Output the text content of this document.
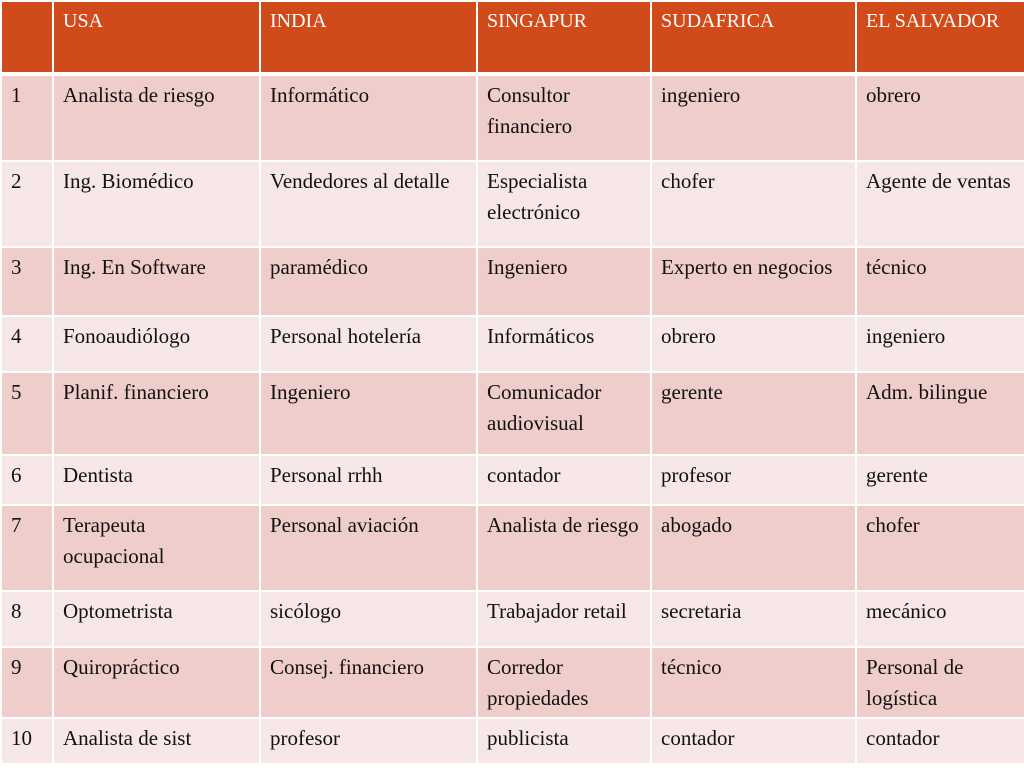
	USA	INDIA	SINGAPUR	SUDAFRICA	EL SALVADOR
1	Analista de riesgo	Informático	Consultor financiero	ingeniero	obrero
2	Ing. Biomédico	Vendedores al detalle	Especialista electrónico	chofer	Agente de ventas
3	Ing. En Software	paramédico	Ingeniero	Experto en negocios	técnico
4	Fonoaudiólogo	Personal hotelería	Informáticos	obrero	ingeniero
5	Planif. financiero	Ingeniero	Comunicador audiovisual	gerente	Adm. bilingue
6	Dentista	Personal rrhh	contador	profesor	gerente
7	Terapeuta ocupacional	Personal aviación	Analista de riesgo	abogado	chofer
8	Optometrista	sicólogo	Trabajador retail	secretaria	mecánico
9	Quiropráctico	Consej. financiero	Corredor propiedades	técnico	Personal de logística
10	Analista de sist	profesor	publicista	contador	contador
